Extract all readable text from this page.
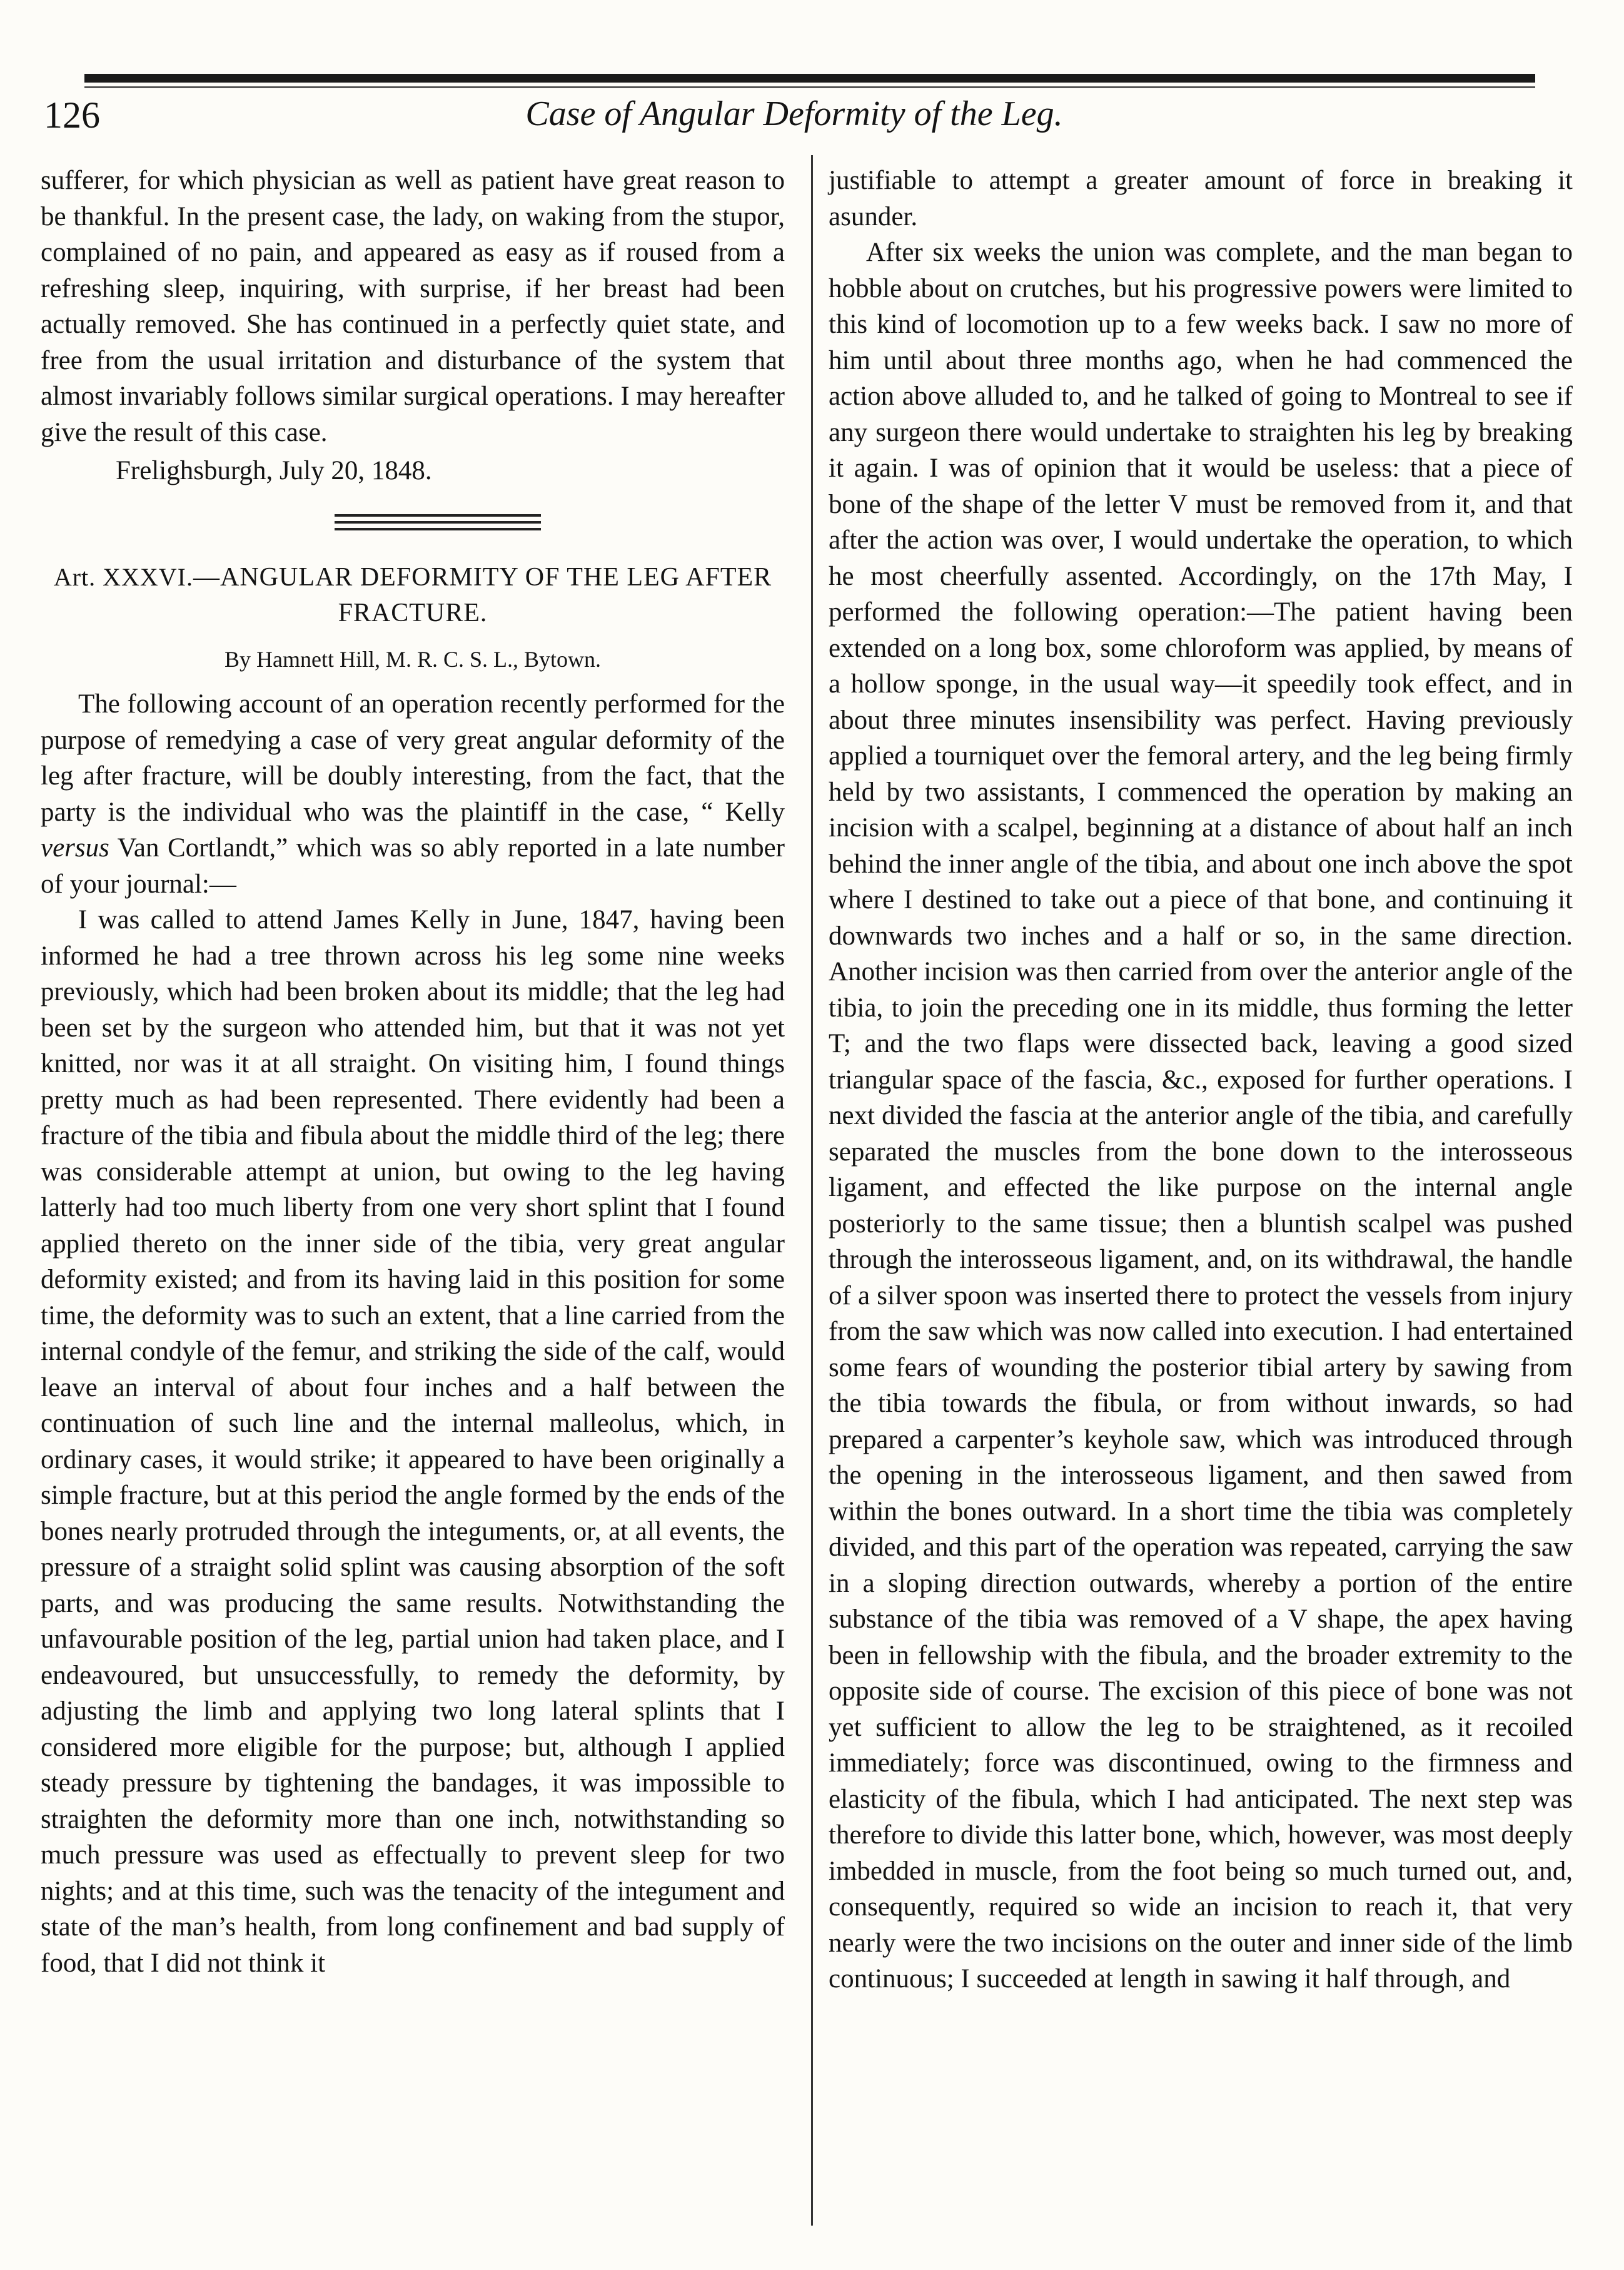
126	Case of Angular Deformity of the Leg.

sufferer, for which physician as well as patient have great reason to be thankful. In the present case, the lady, on waking from the stupor, complained of no pain, and appeared as easy as if roused from a refreshing sleep, inquiring, with surprise, if her breast had been actually removed. She has continued in a perfectly quiet state, and free from the usual irritation and disturbance of the system that almost invariably follows similar surgical operations. I may hereafter give the result of this case.

Frelighsburgh, July 20, 1848.

Art. XXXVI.—ANGULAR DEFORMITY OF THE LEG AFTER FRACTURE.

By Hamnett Hill, M. R. C. S. L., Bytown.

The following account of an operation recently performed for the purpose of remedying a case of very great angular deformity of the leg after fracture, will be doubly interesting, from the fact, that the party is the individual who was the plaintiff in the case, “ Kelly versus Van Cortlandt,” which was so ably reported in a late number of your journal:—

I was called to attend James Kelly in June, 1847, having been informed he had a tree thrown across his leg some nine weeks previously, which had been broken about its middle; that the leg had been set by the surgeon who attended him, but that it was not yet knitted, nor was it at all straight. On visiting him, I found things pretty much as had been represented. There evidently had been a fracture of the tibia and fibula about the middle third of the leg; there was considerable attempt at union, but owing to the leg having latterly had too much liberty from one very short splint that I found applied thereto on the inner side of the tibia, very great angular deformity existed; and from its having laid in this position for some time, the deformity was to such an extent, that a line carried from the internal condyle of the femur, and striking the side of the calf, would leave an interval of about four inches and a half between the continuation of such line and the internal malleolus, which, in ordinary cases, it would strike; it appeared to have been originally a simple fracture, but at this period the angle formed by the ends of the bones nearly protruded through the integuments, or, at all events, the pressure of a straight solid splint was causing absorption of the soft parts, and was producing the same results. Notwithstanding the unfavourable position of the leg, partial union had taken place, and I endeavoured, but unsuccessfully, to remedy the deformity, by adjusting the limb and applying two long lateral splints that I considered more eligible for the purpose; but, although I applied steady pressure by tightening the bandages, it was impossible to straighten the deformity more than one inch, notwithstanding so much pressure was used as effectually to prevent sleep for two nights; and at this time, such was the tenacity of the integument and state of the man’s health, from long confinement and bad supply of food, that I did not think it

justifiable to attempt a greater amount of force in breaking it asunder.

After six weeks the union was complete, and the man began to hobble about on crutches, but his progressive powers were limited to this kind of locomotion up to a few weeks back. I saw no more of him until about three months ago, when he had commenced the action above alluded to, and he talked of going to Montreal to see if any surgeon there would undertake to straighten his leg by breaking it again. I was of opinion that it would be useless: that a piece of bone of the shape of the letter V must be removed from it, and that after the action was over, I would undertake the operation, to which he most cheerfully assented. Accordingly, on the 17th May, I performed the following operation:—The patient having been extended on a long box, some chloroform was applied, by means of a hollow sponge, in the usual way—it speedily took effect, and in about three minutes insensibility was perfect. Having previously applied a tourniquet over the femoral artery, and the leg being firmly held by two assistants, I commenced the operation by making an incision with a scalpel, beginning at a distance of about half an inch behind the inner angle of the tibia, and about one inch above the spot where I destined to take out a piece of that bone, and continuing it downwards two inches and a half or so, in the same direction. Another incision was then carried from over the anterior angle of the tibia, to join the preceding one in its middle, thus forming the letter T; and the two flaps were dissected back, leaving a good sized triangular space of the fascia, &c., exposed for further operations. I next divided the fascia at the anterior angle of the tibia, and carefully separated the muscles from the bone down to the interosseous ligament, and effected the like purpose on the internal angle posteriorly to the same tissue; then a bluntish scalpel was pushed through the interosseous ligament, and, on its withdrawal, the handle of a silver spoon was inserted there to protect the vessels from injury from the saw which was now called into execution. I had entertained some fears of wounding the posterior tibial artery by sawing from the tibia towards the fibula, or from without inwards, so had prepared a carpenter’s keyhole saw, which was introduced through the opening in the interosseous ligament, and then sawed from within the bones outward. In a short time the tibia was completely divided, and this part of the operation was repeated, carrying the saw in a sloping direction outwards, whereby a portion of the entire substance of the tibia was removed of a V shape, the apex having been in fellowship with the fibula, and the broader extremity to the opposite side of course. The excision of this piece of bone was not yet sufficient to allow the leg to be straightened, as it recoiled immediately; force was discontinued, owing to the firmness and elasticity of the fibula, which I had anticipated. The next step was therefore to divide this latter bone, which, however, was most deeply imbedded in muscle, from the foot being so much turned out, and, consequently, required so wide an incision to reach it, that very nearly were the two incisions on the outer and inner side of the limb continuous; I succeeded at length in sawing it half through, and
